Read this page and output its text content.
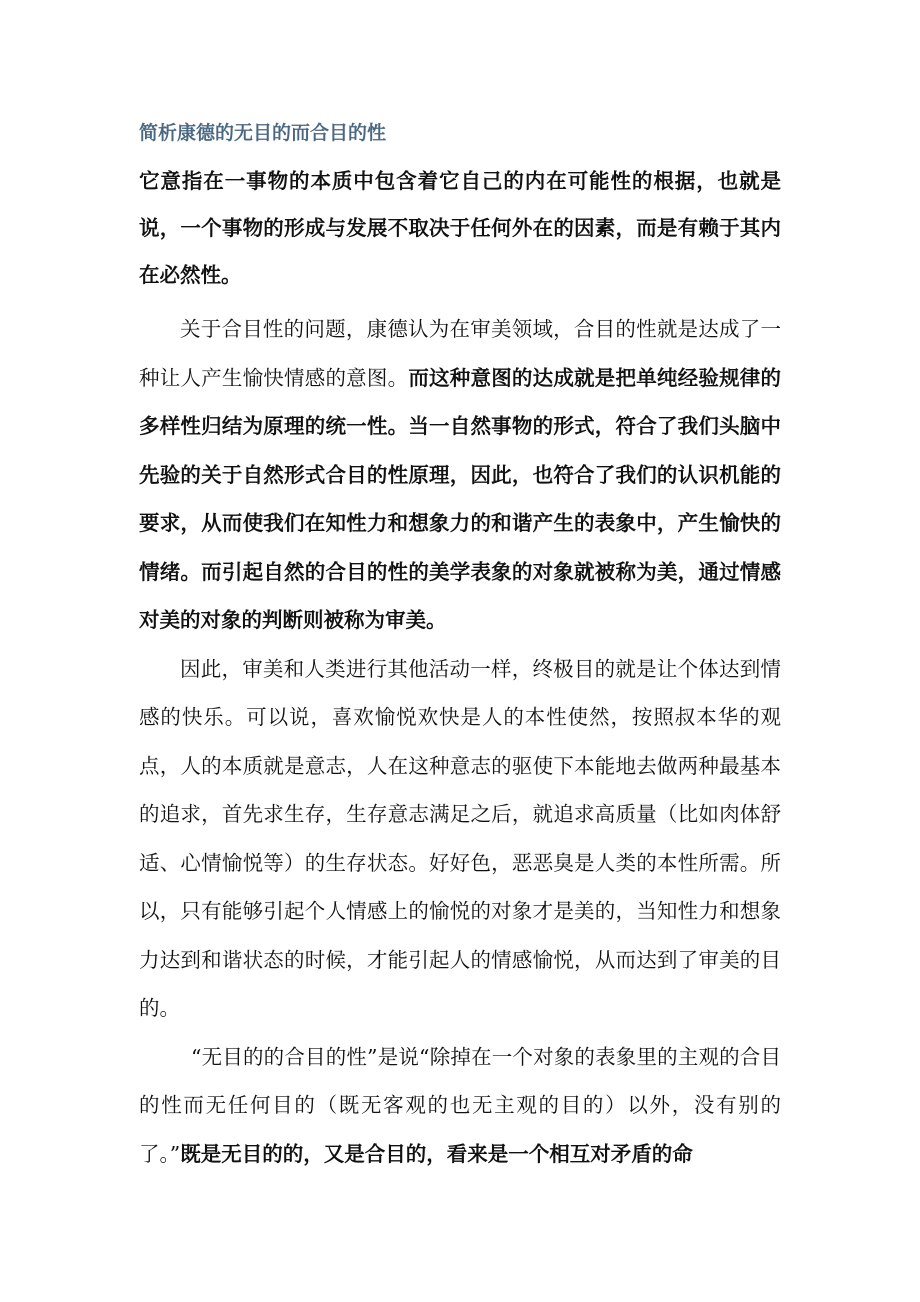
简析康德的无目的而合目的性

它意指在一事物的本质中包含着它自己的内在可能性的根据，也就是说，一个事物的形成与发展不取决于任何外在的因素，而是有赖于其内在必然性。

关于合目性的问题，康德认为在审美领域，合目的性就是达成了一种让人产生愉快情感的意图。而这种意图的达成就是把单纯经验规律的多样性归结为原理的统一性。当一自然事物的形式，符合了我们头脑中先验的关于自然形式合目的性原理，因此，也符合了我们的认识机能的要求，从而使我们在知性力和想象力的和谐产生的表象中，产生愉快的情绪。而引起自然的合目的性的美学表象的对象就被称为美，通过情感对美的对象的判断则被称为审美。

因此，审美和人类进行其他活动一样，终极目的就是让个体达到情感的快乐。可以说，喜欢愉悦欢快是人的本性使然，按照叔本华的观点，人的本质就是意志，人在这种意志的驱使下本能地去做两种最基本的追求，首先求生存，生存意志满足之后，就追求高质量（比如肉体舒适、心情愉悦等）的生存状态。好好色，恶恶臭是人类的本性所需。所以，只有能够引起个人情感上的愉悦的对象才是美的，当知性力和想象力达到和谐状态的时候，才能引起人的情感愉悦，从而达到了审美的目的。

“无目的的合目的性”是说“除掉在一个对象的表象里的主观的合目的性而无任何目的（既无客观的也无主观的目的）以外，没有别的了。”既是无目的的，又是合目的，看来是一个相互对矛盾的命
